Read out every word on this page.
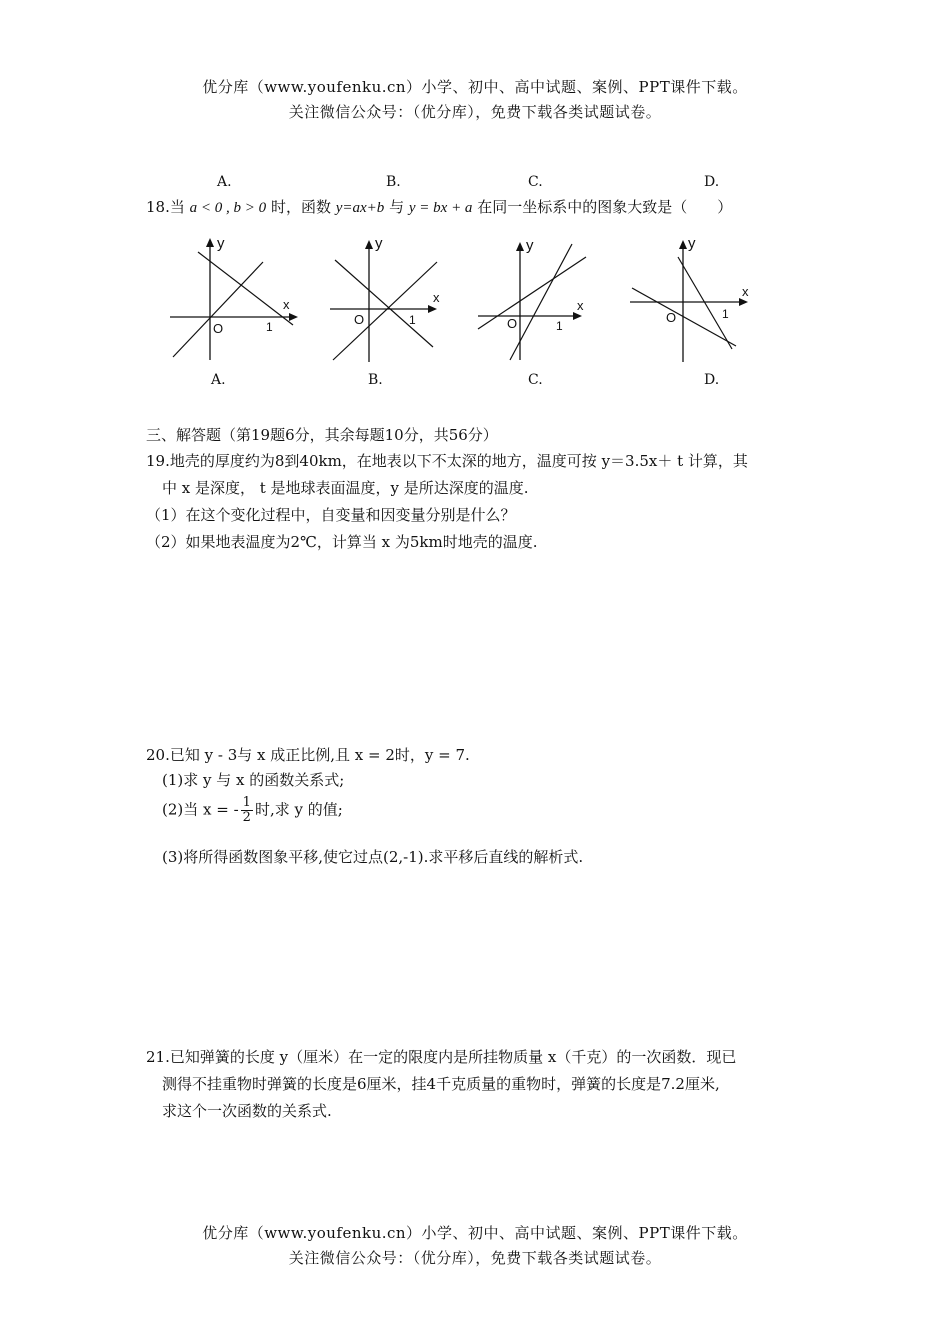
优分库（www.youfenku.cn）小学、初中、高中试题、案例、PPT课件下载。
关注微信公众号：（优分库），免费下载各类试题试卷。
A.	B.	C.	D.
18.当 a < 0 , b > 0 时，函数 y=ax+b 与 y = bx + a 在同一坐标系中的图象大致是（　　）
y
x
O	1
y
x
O	1
y
x
O	1
y
x
O	1
A.	B.	C.	D.
三、解答题（第19题6分，其余每题10分，共56分）
19.地壳的厚度约为8到40km，在地表以下不太深的地方，温度可按 y＝3.5x＋ t 计算，其
中 x 是深度， t 是地球表面温度，y 是所达深度的温度.
（1）在这个变化过程中，自变量和因变量分别是什么？
（2）如果地表温度为2℃，计算当 x 为5km时地壳的温度.
20.已知 y - 3与 x 成正比例,且 x = 2时，y = 7.
(1)求 y 与 x 的函数关系式;
(2)当 x = - $\frac{1}{2}$ 时,求 y 的值;
(3)将所得函数图象平移,使它过点(2,-1).求平移后直线的解析式.
21.已知弹簧的长度 y（厘米）在一定的限度内是所挂物质量 x（千克）的一次函数．现已
测得不挂重物时弹簧的长度是6厘米，挂4千克质量的重物时，弹簧的长度是7.2厘米,
求这个一次函数的关系式.
优分库（www.youfenku.cn）小学、初中、高中试题、案例、PPT课件下载。
关注微信公众号：（优分库），免费下载各类试题试卷。
